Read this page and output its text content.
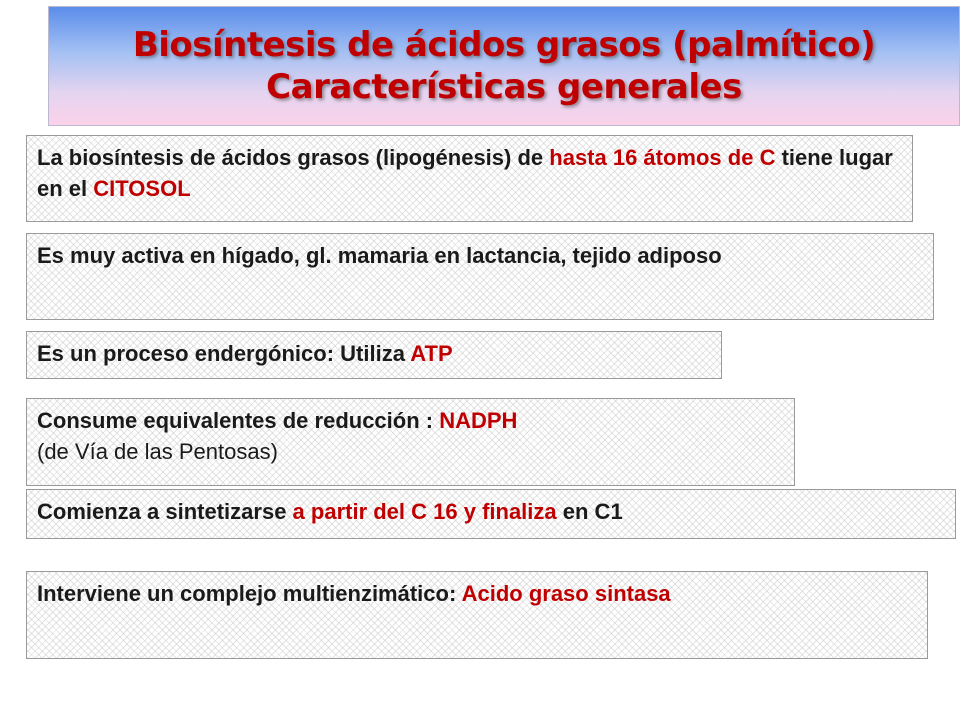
Biosíntesis de ácidos grasos (palmítico)
Características generales
La biosíntesis de ácidos grasos (lipogénesis) de hasta 16 átomos de C tiene lugar en el CITOSOL
Es muy activa en hígado, gl. mamaria en lactancia, tejido adiposo
Es un proceso endergónico: Utiliza ATP
Consume equivalentes de reducción : NADPH
(de Vía de las Pentosas)
Comienza a sintetizarse a partir del C 16 y finaliza en C1
Interviene un complejo multienzimático: Acido graso sintasa
